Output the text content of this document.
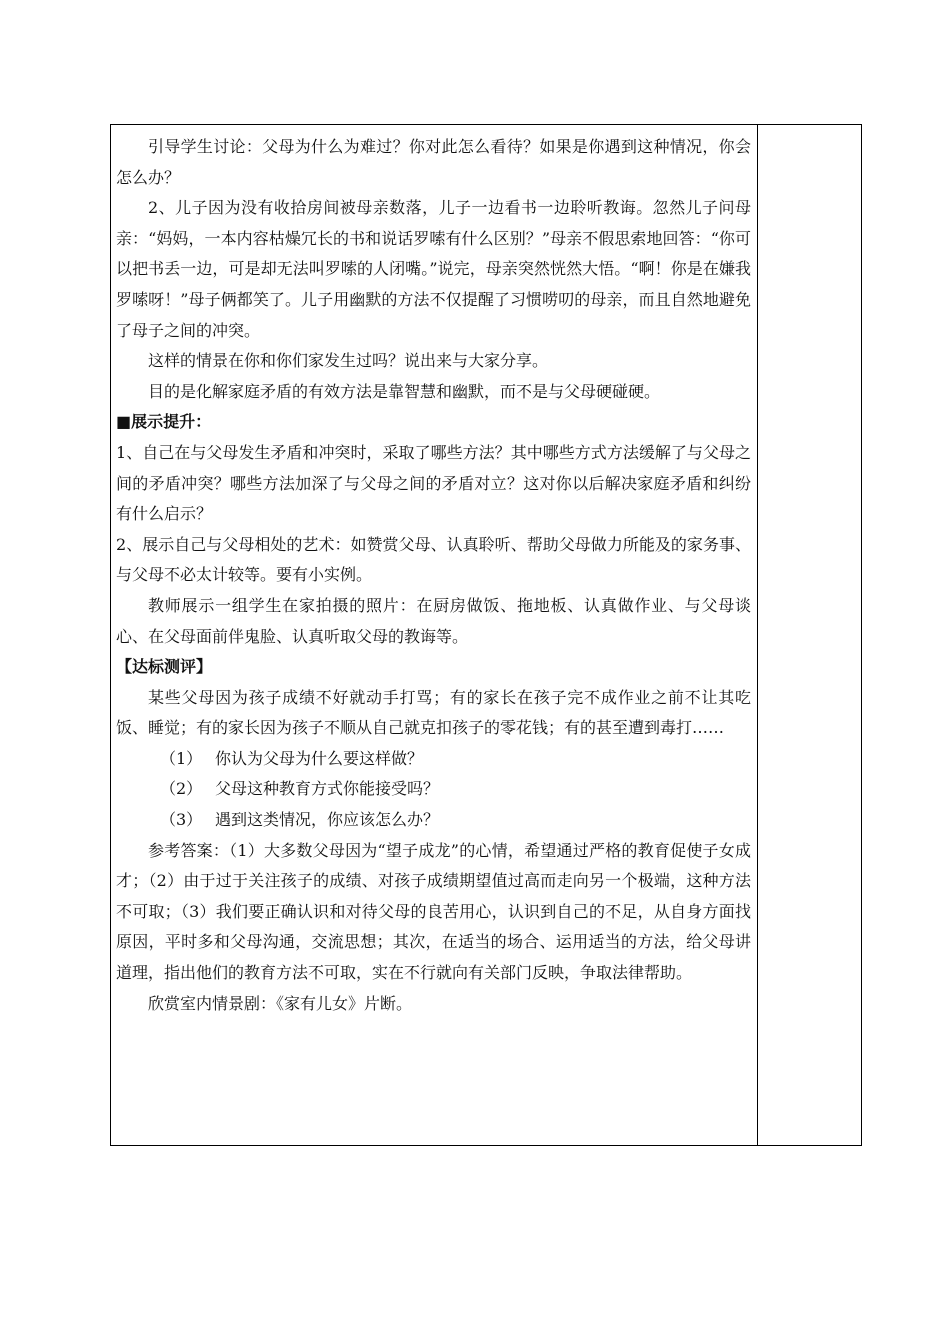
引导学生讨论：父母为什么为难过？你对此怎么看待？如果是你遇到这种情况，你会怎么办？

2、儿子因为没有收拾房间被母亲数落，儿子一边看书一边聆听教诲。忽然儿子问母亲：“妈妈，一本内容枯燥冗长的书和说话罗嗦有什么区别？”母亲不假思索地回答：“你可以把书丢一边，可是却无法叫罗嗦的人闭嘴。”说完，母亲突然恍然大悟。“啊！你是在嫌我罗嗦呀！”母子俩都笑了。儿子用幽默的方法不仅提醒了习惯唠叨的母亲，而且自然地避免了母子之间的冲突。

这样的情景在你和你们家发生过吗？说出来与大家分享。

目的是化解家庭矛盾的有效方法是靠智慧和幽默，而不是与父母硬碰硬。

■展示提升：

1、自己在与父母发生矛盾和冲突时，采取了哪些方法？其中哪些方式方法缓解了与父母之间的矛盾冲突？哪些方法加深了与父母之间的矛盾对立？这对你以后解决家庭矛盾和纠纷有什么启示？

2、展示自己与父母相处的艺术：如赞赏父母、认真聆听、帮助父母做力所能及的家务事、与父母不必太计较等。要有小实例。

教师展示一组学生在家拍摄的照片：在厨房做饭、拖地板、认真做作业、与父母谈心、在父母面前伴鬼脸、认真听取父母的教诲等。

【达标测评】

某些父母因为孩子成绩不好就动手打骂；有的家长在孩子完不成作业之前不让其吃饭、睡觉；有的家长因为孩子不顺从自己就克扣孩子的零花钱；有的甚至遭到毒打……

（1） 你认为父母为什么要这样做？

（2） 父母这种教育方式你能接受吗？

（3） 遇到这类情况，你应该怎么办？

参考答案：（1）大多数父母因为“望子成龙”的心情，希望通过严格的教育促使子女成才；（2）由于过于关注孩子的成绩、对孩子成绩期望值过高而走向另一个极端，这种方法不可取；（3）我们要正确认识和对待父母的良苦用心，认识到自己的不足，从自身方面找原因，平时多和父母沟通，交流思想；其次，在适当的场合、运用适当的方法，给父母讲道理，指出他们的教育方法不可取，实在不行就向有关部门反映，争取法律帮助。

欣赏室内情景剧：《家有儿女》片断。
